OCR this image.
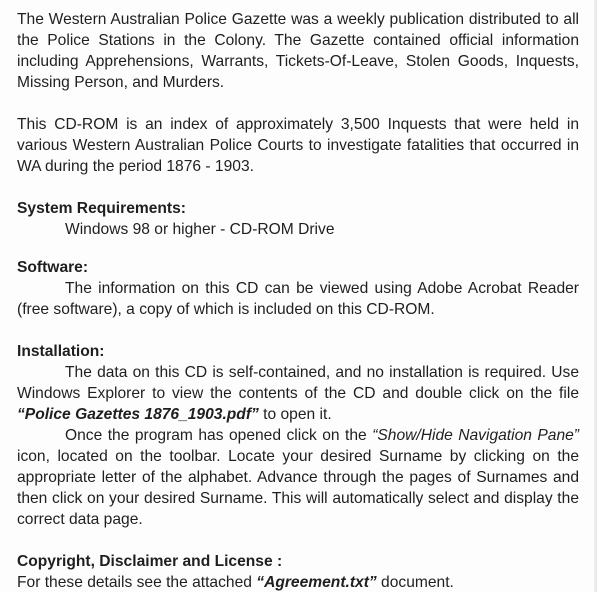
The Western Australian Police Gazette was a weekly publication distributed to all the Police Stations in the Colony. The Gazette contained official information including Apprehensions, Warrants, Tickets-Of-Leave, Stolen Goods, Inquests, Missing Person, and Murders.

This CD-ROM is an index of approximately 3,500 Inquests that were held in various Western Australian Police Courts to investigate fatalities that occurred in WA during the period 1876 - 1903.

System Requirements:

Windows 98 or higher - CD-ROM Drive

Software:

The information on this CD can be viewed using Adobe Acrobat Reader (free software), a copy of which is included on this CD-ROM.

Installation:

The data on this CD is self-contained, and no installation is required. Use Windows Explorer to view the contents of the CD and double click on the file “Police Gazettes 1876_1903.pdf” to open it.

Once the program has opened click on the “Show/Hide Navigation Pane” icon, located on the toolbar. Locate your desired Surname by clicking on the appropriate letter of the alphabet. Advance through the pages of Surnames and then click on your desired Surname. This will automatically select and display the correct data page.

Copyright, Disclaimer and License :

For these details see the attached “Agreement.txt” document.
